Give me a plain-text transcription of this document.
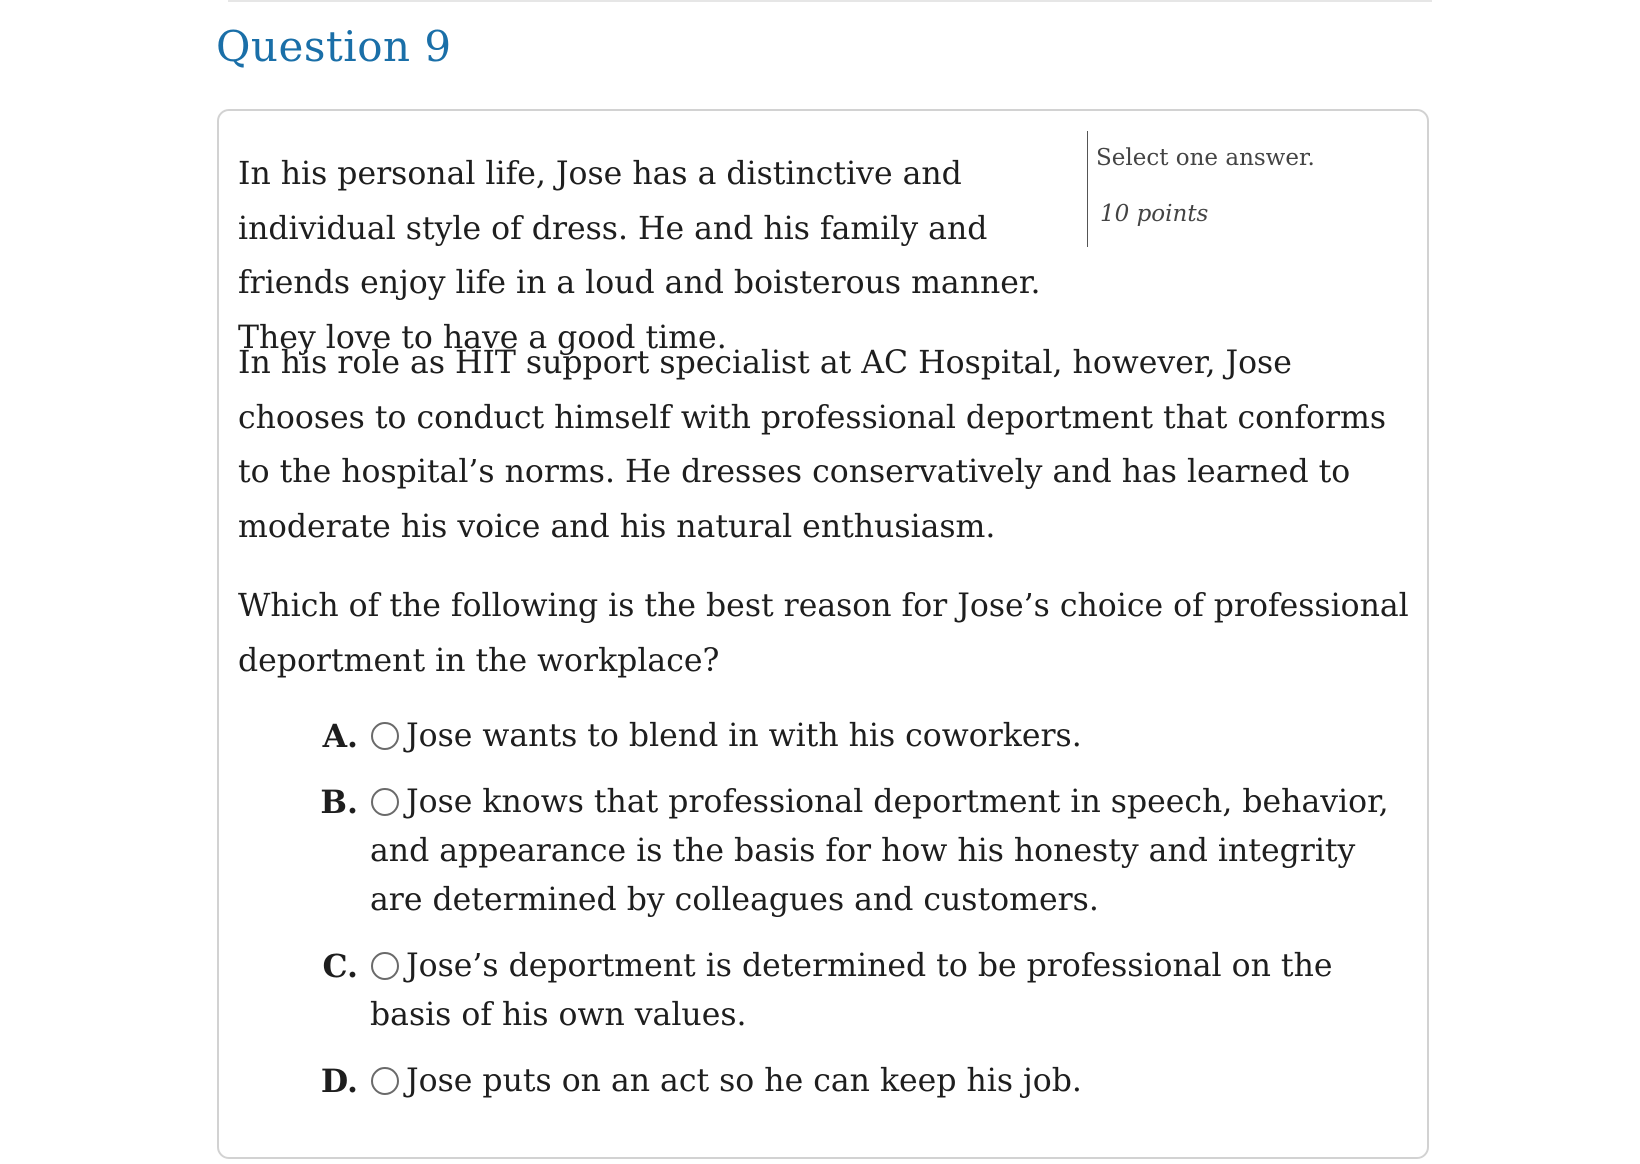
Question 9
Select one answer.
10 points

In his personal life, Jose has a distinctive and individual style of dress. He and his family and friends enjoy life in a loud and boisterous manner. They love to have a good time.

In his role as HIT support specialist at AC Hospital, however, Jose chooses to conduct himself with professional deportment that conforms to the hospital’s norms. He dresses conservatively and has learned to moderate his voice and his natural enthusiasm.

Which of the following is the best reason for Jose’s choice of professional deportment in the workplace?

A. Jose wants to blend in with his coworkers.
B. Jose knows that professional deportment in speech, behavior, and appearance is the basis for how his honesty and integrity are determined by colleagues and customers.
C. Jose’s deportment is determined to be professional on the basis of his own values.
D. Jose puts on an act so he can keep his job.
